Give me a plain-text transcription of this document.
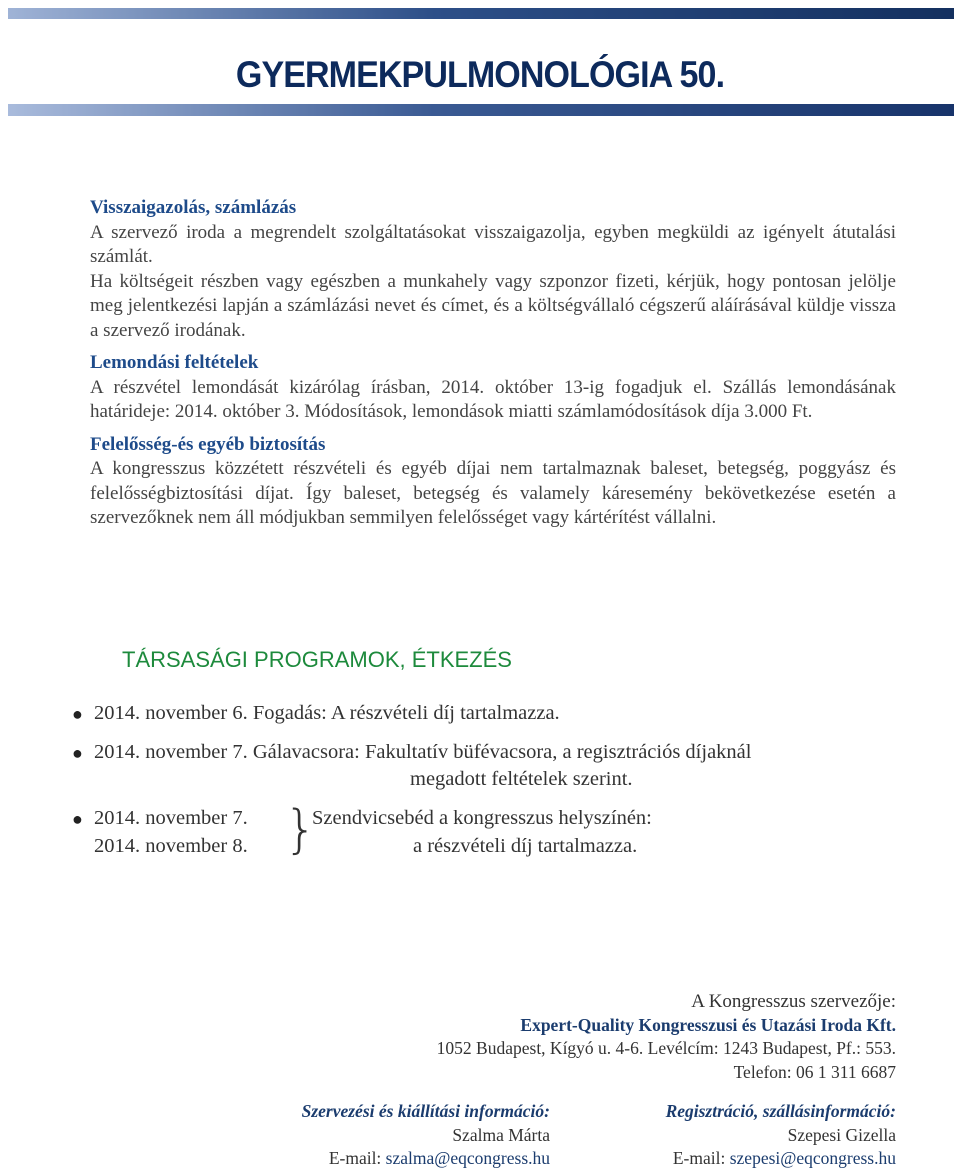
GYERMEKPULMONOLÓGIA 50.

Visszaigazolás, számlázás

A szervező iroda a megrendelt szolgáltatásokat visszaigazolja, egyben megküldi az igényelt átutalási számlát.

Ha költségeit részben vagy egészben a munkahely vagy szponzor fizeti, kérjük, hogy pontosan jelölje meg jelentkezési lapján a számlázási nevet és címet, és a költségvállaló cégszerű aláírásával küldje vissza a szervező irodának.

Lemondási feltételek

A részvétel lemondását kizárólag írásban, 2014. október 13-ig fogadjuk el. Szállás lemondásának határideje: 2014. október 3. Módosítások, lemondások miatti számlamódosítások díja 3.000 Ft.

Felelősség-és egyéb biztosítás

A kongresszus közzétett részvételi és egyéb díjai nem tartalmaznak baleset, betegség, poggyász és felelősségbiztosítási díjat. Így baleset, betegség és valamely káresemény bekövetkezése esetén a szervezőknek nem áll módjukban semmilyen felelősséget vagy kártérítést vállalni.

TÁRSASÁGI PROGRAMOK, ÉTKEZÉS
● 2014. november 6. Fogadás: A részvételi díj tartalmazza.
● 2014. november 7. Gálavacsora: Fakultatív büfévacsora, a regisztrációs díjaknál
megadott feltételek szerint.
● 2014. november 7.
2014. november 8. }
Szendvicsebéd a kongresszus helyszínén:
a részvételi díj tartalmazza.
A Kongresszus szervezője:
Expert-Quality Kongresszusi és Utazási Iroda Kft.
1052 Budapest, Kígyó u. 4-6. Levélcím: 1243 Budapest, Pf.: 553.
Telefon: 06 1 311 6687
Szervezési és kiállítási információ:
Szalma Márta
E-mail: szalma@eqcongress.hu
Regisztráció, szállásinformáció:
Szepesi Gizella
E-mail: szepesi@eqcongress.hu
